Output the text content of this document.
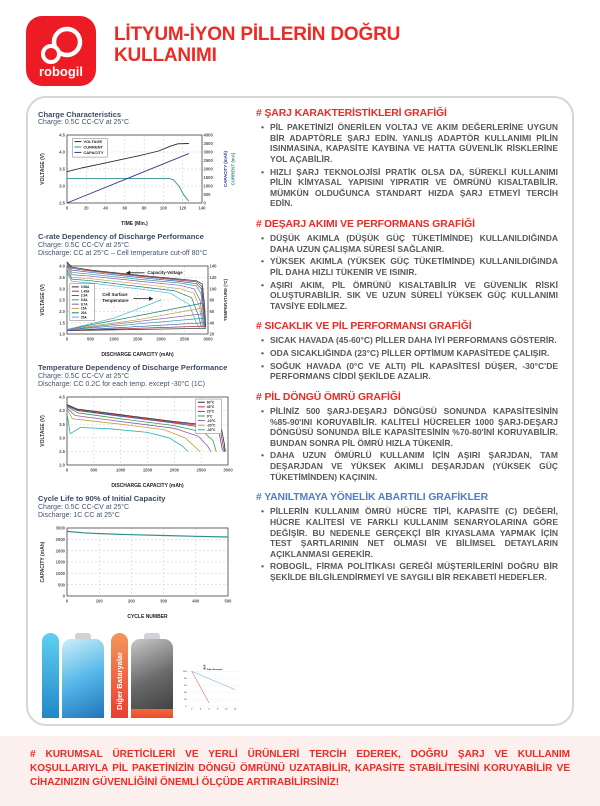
robogil
LİTYUM-İYON PİLLERİN DOĞRU
KULLANIMI
Charge Characteristics
Charge: 0.5C CC-CV at 25°C
2.5
3.0
3.5
4.0
4.5
0	20	40	60	80	100	120	140
0
500
1000
1500
2000
2500
3000
3500
4000
TIME (Min.)
VOLTAGE (V)	CAPACITY (mAh) CURRENT (mA)
VOLTAGE
CURRENT
CAPACITY
C-rate Dependency of Discharge Performance
Charge: 0.5C CC-CV at 25°C
Discharge: CC at 25°C – Cell temperature cut-off 80°C
1.0
1.5
2.0
2.5
3.0
3.5
4.0
0	500	1000	1500	2000	2500	3000
20
40
60
80
100
120
140
DISCHARGE CAPACITY (mAh)
VOLTAGE (V)	TEMPERATURE (°C)
0.58A
1.45A
2.9A
5.8A
8.7A
15A
20A
25A
Capacity-Voltage
Cell Surface
Temperature
Temperature Dependency of Discharge Performance
Charge: 0.5C CC-CV at 25°C
Discharge: CC 0.2C for each temp. except -30°C (1C)
2.0
2.5
3.0
3.5
4.0
4.5
0	500	1000	1500	2000	2500	3000
DISCHARGE CAPACITY (mAh)
VOLTAGE (V)
60°C
45°C
23°C
0°C
-10°C
-20°C
-30°C
Cycle Life to 90% of Initial Capacity
Charge: 0.5C CC-CV at 25°C
Discharge: 1C CC at 25°C
0
500
1000
1500
2000
2500
3000
0	100	200	300	400	500
CYCLE NUMBER
CAPACITY (mAh)
Diğer Bataryalar	0
20
40
60
80
100
2 4 6 8 10 12
Diğer Bataryalar
# ŞARJ KARAKTERİSTİKLERİ GRAFİĞİ
• PİL PAKETİNİZİ ÖNERİLEN VOLTAJ VE AKIM DEĞERLERİNE UYGUN BİR ADAPTÖRLE ŞARJ EDİN. YANLIŞ ADAPTÖR KULLANIMI PİLİN ISINMASINA, KAPASİTE KAYBINA VE HATTA GÜVENLİK RİSKLERİNE YOL AÇABİLİR.
• HIZLI ŞARJ TEKNOLOJİSİ PRATİK OLSA DA, SÜREKLİ KULLANIMI PİLİN KİMYASAL YAPISINI YIPRATIR VE ÖMRÜNÜ KISALTABİLİR. MÜMKÜN OLDUĞUNCA STANDART HIZDA ŞARJ ETMEYİ TERCİH EDİN.
# DEŞARJ AKIMI VE PERFORMANS GRAFİĞİ
• DÜŞÜK AKIMLA (DÜŞÜK GÜÇ TÜKETİMİNDE) KULLANILDIĞINDA DAHA UZUN ÇALIŞMA SÜRESİ SAĞLANIR.
• YÜKSEK AKIMLA (YÜKSEK GÜÇ TÜKETİMİNDE) KULLANILDIĞINDA PİL DAHA HIZLI TÜKENİR VE ISINIR.
• AŞIRI AKIM, PİL ÖMRÜNÜ KISALTABİLİR VE GÜVENLİK RİSKİ OLUŞTURABİLİR. SIK VE UZUN SÜRELİ YÜKSEK GÜÇ KULLANIMI TAVSİYE EDİLMEZ.
# SICAKLIK VE PİL PERFORMANSI GRAFİĞİ
• SICAK HAVADA (45-60°C) PİLLER DAHA İYİ PERFORMANS GÖSTERİR.
• ODA SICAKLIĞINDA (23°C) PİLLER OPTİMUM KAPASİTEDE ÇALIŞIR.
• SOĞUK HAVADA (0°C VE ALTI) PİL KAPASİTESİ DÜŞER, -30°C'DE PERFORMANS CİDDİ ŞEKİLDE AZALIR.
# PİL DÖNGÜ ÖMRÜ GRAFİĞİ
• PİLİNİZ 500 ŞARJ-DEŞARJ DÖNGÜSÜ SONUNDA KAPASİTESİNİN %85-90'INI KORUYABİLİR. KALİTELİ HÜCRELER 1000 ŞARJ-DEŞARJ DÖNGÜSÜ SONUNDA BİLE KAPASİTESİNİN %70-80'İNİ KORUYABİLİR. BUNDAN SONRA PİL ÖMRÜ HIZLA TÜKENİR.
• DAHA UZUN ÖMÜRLÜ KULLANIM İÇİN AŞIRI ŞARJDAN, TAM DEŞARJDAN VE YÜKSEK AKIMLI DEŞARJDAN (YÜKSEK GÜÇ TÜKETİMİNDEN) KAÇININ.
# YANILTMAYA YÖNELİK ABARTILI GRAFİKLER
• PİLLERİN KULLANIM ÖMRÜ HÜCRE TİPİ, KAPASİTE (C) DEĞERİ, HÜCRE KALİTESİ VE FARKLI KULLANIM SENARYOLARINA GÖRE DEĞİŞİR. BU NEDENLE GERÇEKÇİ BİR KIYASLAMA YAPMAK İÇİN TEST ŞARTLARININ NET OLMASI VE BİLİMSEL DETAYLARIN AÇIKLANMASI GEREKİR.
• ROBOGİL, FİRMA POLİTİKASI GEREĞİ MÜŞTERİLERİNİ DOĞRU BİR ŞEKİLDE BİLGİLENDİRMEYİ VE SAYGILI BİR REKABETİ HEDEFLER.
# KURUMSAL ÜRETİCİLERİ VE YERLİ ÜRÜNLERİ TERCİH EDEREK, DOĞRU ŞARJ VE KULLANIM KOŞULLARIYLA PİL PAKETİNİZİN DÖNGÜ ÖMRÜNÜ UZATABİLİR, KAPASİTE STABİLİTESİNİ KORUYABİLİR VE CİHAZINIZIN GÜVENLİĞİNİ ÖNEMLİ ÖLÇÜDE ARTIRABİLİRSİNİZ!
